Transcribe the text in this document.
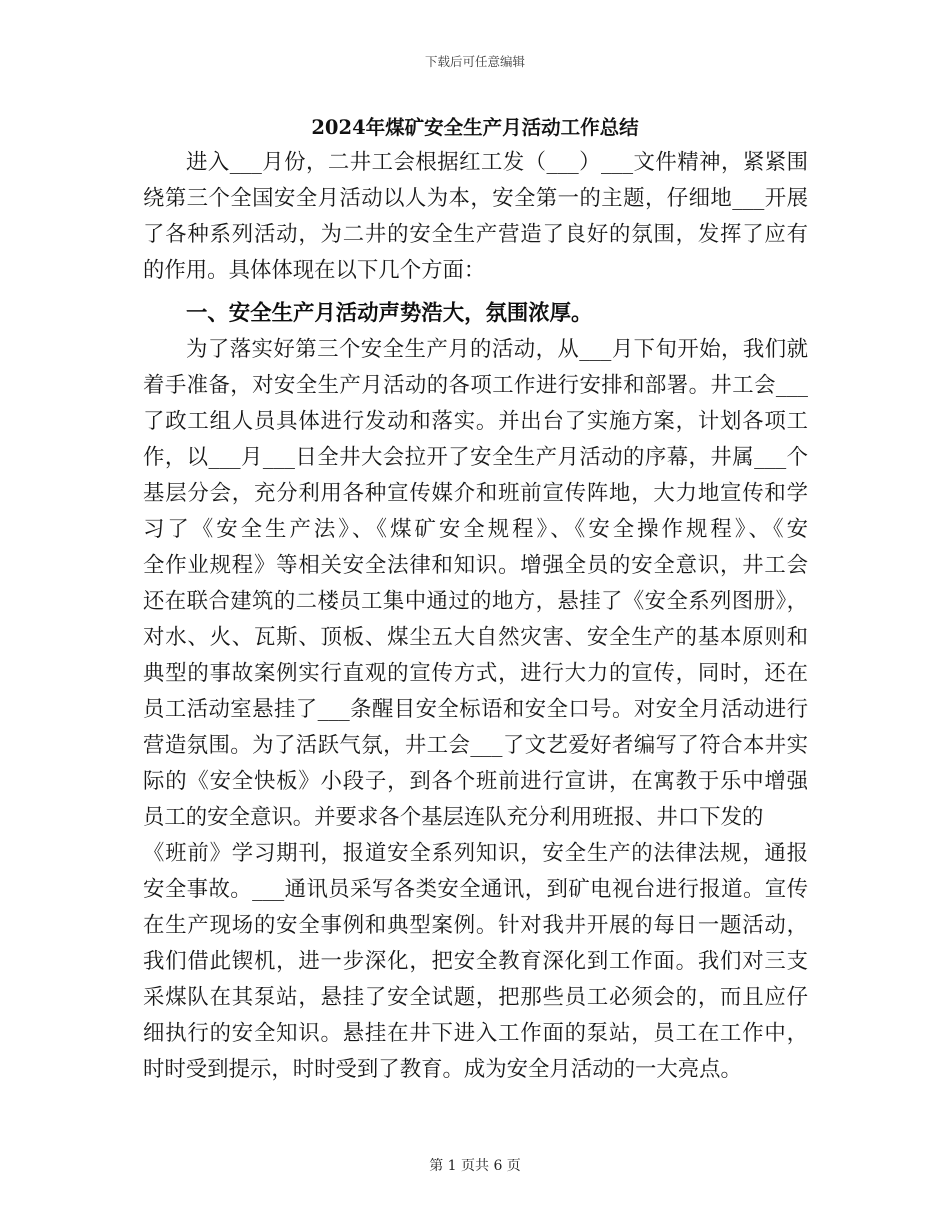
下载后可任意编辑
2024年煤矿安全生产月活动工作总结
进入___月份，二井工会根据红工发（___）___文件精神，紧紧围
绕第三个全国安全月活动以人为本，安全第一的主题，仔细地___开展
了各种系列活动，为二井的安全生产营造了良好的氛围，发挥了应有
的作用。具体体现在以下几个方面：
一、安全生产月活动声势浩大，氛围浓厚。
为了落实好第三个安全生产月的活动，从___月下旬开始，我们就
着手准备，对安全生产月活动的各项工作进行安排和部署。井工会___
了政工组人员具体进行发动和落实。并出台了实施方案，计划各项工
作，以___月___日全井大会拉开了安全生产月活动的序幕，井属___个
基层分会，充分利用各种宣传媒介和班前宣传阵地，大力地宣传和学
习了《安全生产法》、《煤矿安全规程》、《安全操作规程》、《安
全作业规程》等相关安全法律和知识。增强全员的安全意识，井工会
还在联合建筑的二楼员工集中通过的地方，悬挂了《安全系列图册》，
对水、火、瓦斯、顶板、煤尘五大自然灾害、安全生产的基本原则和
典型的事故案例实行直观的宣传方式，进行大力的宣传，同时，还在
员工活动室悬挂了___条醒目安全标语和安全口号。对安全月活动进行
营造氛围。为了活跃气氛，井工会___了文艺爱好者编写了符合本井实
际的《安全快板》小段子，到各个班前进行宣讲，在寓教于乐中增强
员工的安全意识。并要求各个基层连队充分利用班报、井口下发的
《班前》学习期刊，报道安全系列知识，安全生产的法律法规，通报
安全事故。___通讯员采写各类安全通讯，到矿电视台进行报道。宣传
在生产现场的安全事例和典型案例。针对我井开展的每日一题活动，
我们借此锲机，进一步深化，把安全教育深化到工作面。我们对三支
采煤队在其泵站，悬挂了安全试题，把那些员工必须会的，而且应仔
细执行的安全知识。悬挂在井下进入工作面的泵站，员工在工作中，
时时受到提示，时时受到了教育。成为安全月活动的一大亮点。
第 1 页共 6 页
